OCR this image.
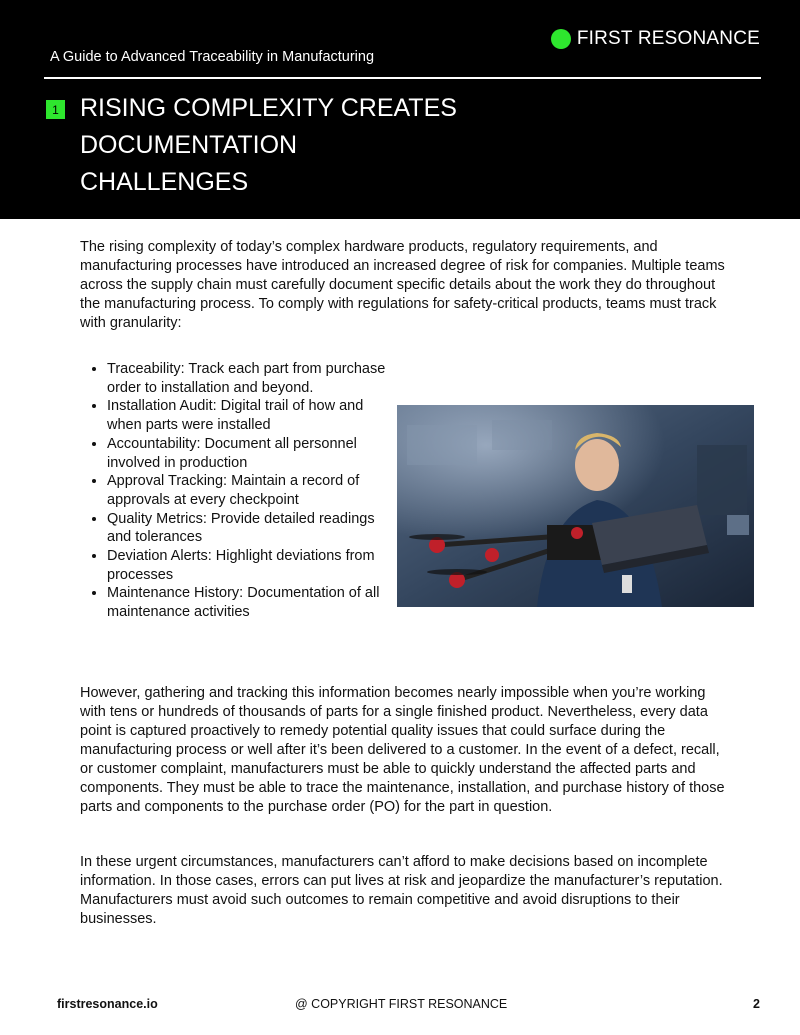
FIRST RESONANCE
A Guide to Advanced Traceability in Manufacturing
1 RISING COMPLEXITY CREATES
DOCUMENTATION
CHALLENGES

The rising complexity of today’s complex hardware products, regulatory requirements, and manufacturing processes have introduced an increased degree of risk for companies. Multiple teams across the supply chain must carefully document specific details about the work they do throughout the manufacturing process. To comply with regulations for safety-critical products, teams must track with granularity:

• Traceability: Track each part from purchase order to installation and beyond.
• Installation Audit: Digital trail of how and when parts were installed
• Accountability: Document all personnel involved in production
• Approval Tracking: Maintain a record of approvals at every checkpoint
• Quality Metrics: Provide detailed readings and tolerances
• Deviation Alerts: Highlight deviations from processes
• Maintenance History: Documentation of all maintenance activities

However, gathering and tracking this information becomes nearly impossible when you’re working with tens or hundreds of thousands of parts for a single finished product. Nevertheless, every data point is captured proactively to remedy potential quality issues that could surface during the manufacturing process or well after it’s been delivered to a customer. In the event of a defect, recall, or customer complaint, manufacturers must be able to quickly understand the affected parts and components. They must be able to trace the maintenance, installation, and purchase history of those parts and components to the purchase order (PO) for the part in question.

In these urgent circumstances, manufacturers can’t afford to make decisions based on incomplete information. In those cases, errors can put lives at risk and jeopardize the manufacturer’s reputation. Manufacturers must avoid such outcomes to remain competitive and avoid disruptions to their businesses.

firstresonance.io	@ COPYRIGHT FIRST RESONANCE	2
